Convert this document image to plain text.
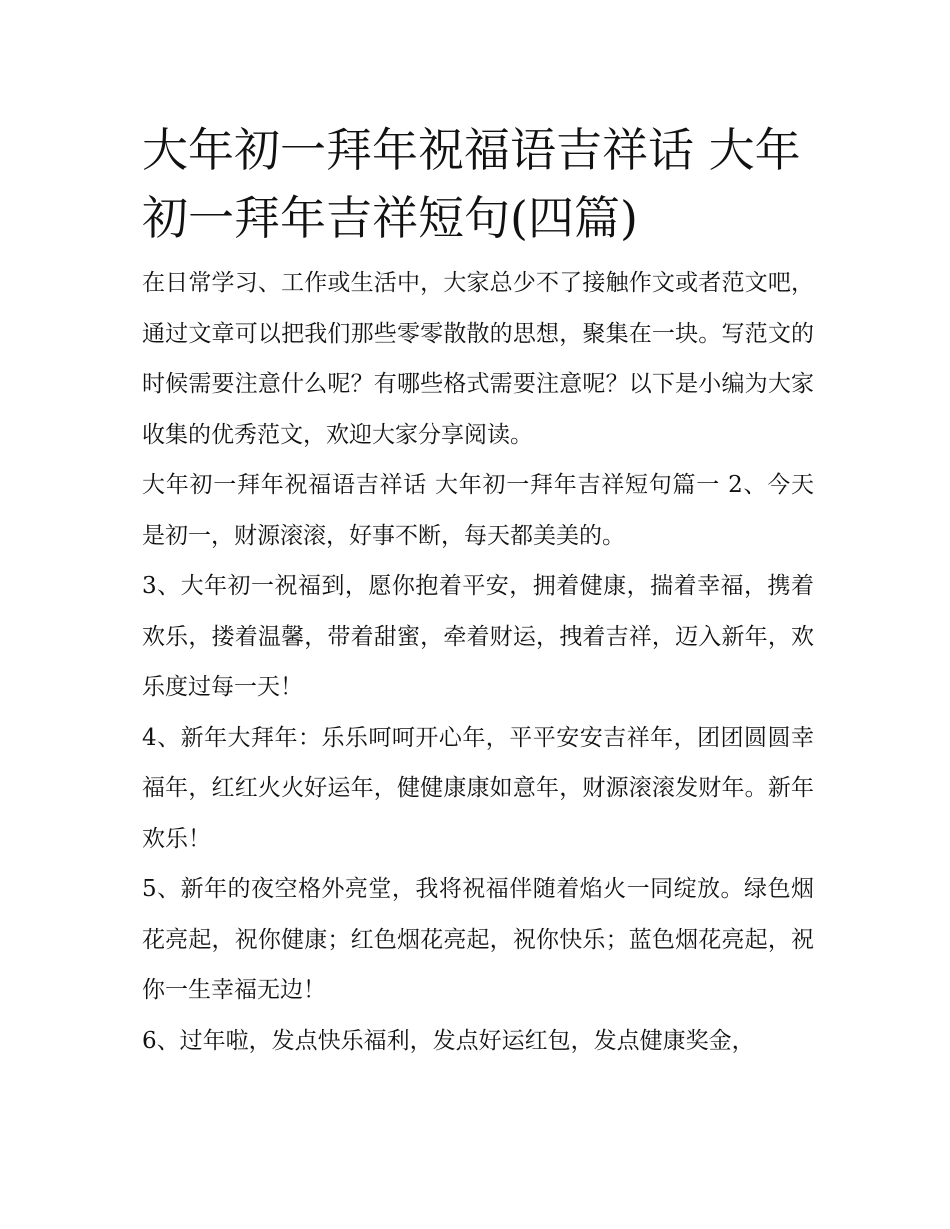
大年初一拜年祝福语吉祥话 大年初一拜年吉祥短句(四篇)

在日常学习、工作或生活中，大家总少不了接触作文或者范文吧，通过文章可以把我们那些零零散散的思想，聚集在一块。写范文的时候需要注意什么呢？有哪些格式需要注意呢？以下是小编为大家收集的优秀范文，欢迎大家分享阅读。

大年初一拜年祝福语吉祥话 大年初一拜年吉祥短句篇一 2、今天是初一，财源滚滚，好事不断，每天都美美的。

3、大年初一祝福到，愿你抱着平安，拥着健康，揣着幸福，携着欢乐，搂着温馨，带着甜蜜，牵着财运，拽着吉祥，迈入新年，欢乐度过每一天！

4、新年大拜年：乐乐呵呵开心年，平平安安吉祥年，团团圆圆幸福年，红红火火好运年，健健康康如意年，财源滚滚发财年。新年欢乐！

5、新年的夜空格外亮堂，我将祝福伴随着焰火一同绽放。绿色烟花亮起，祝你健康；红色烟花亮起，祝你快乐；蓝色烟花亮起，祝你一生幸福无边！

6、过年啦，发点快乐福利，发点好运红包，发点健康奖金，
